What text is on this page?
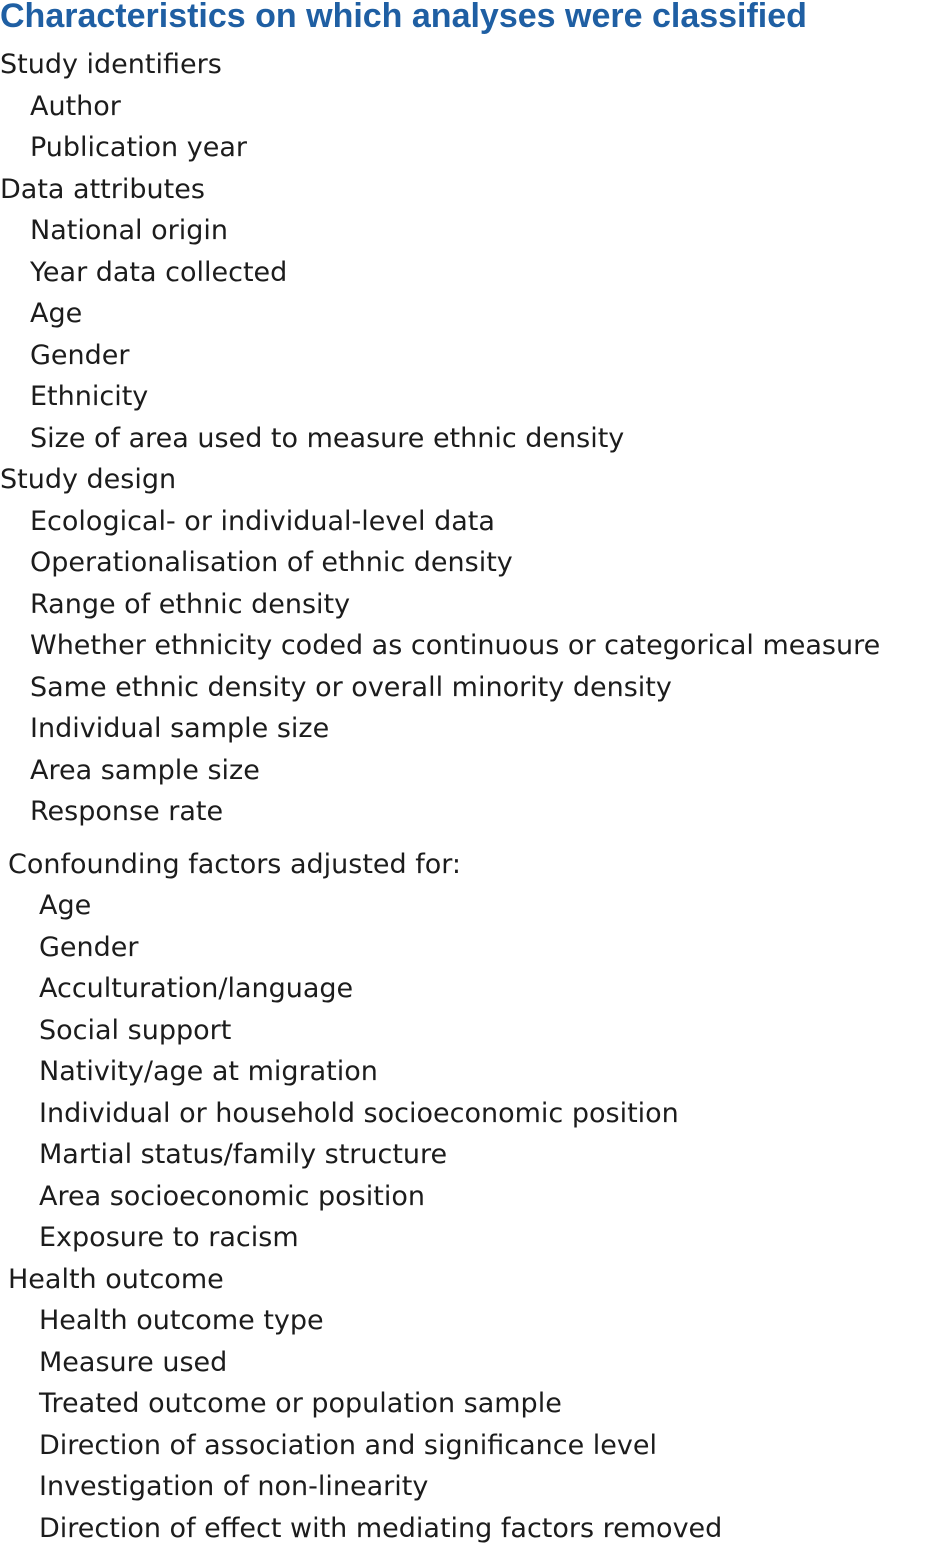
Characteristics on which analyses were classified
Study identifiers
Author
Publication year
Data attributes
National origin
Year data collected
Age
Gender
Ethnicity
Size of area used to measure ethnic density
Study design
Ecological- or individual-level data
Operationalisation of ethnic density
Range of ethnic density
Whether ethnicity coded as continuous or categorical measure
Same ethnic density or overall minority density
Individual sample size
Area sample size
Response rate
Confounding factors adjusted for:
Age
Gender
Acculturation/language
Social support
Nativity/age at migration
Individual or household socioeconomic position
Martial status/family structure
Area socioeconomic position
Exposure to racism
Health outcome
Health outcome type
Measure used
Treated outcome or population sample
Direction of association and significance level
Investigation of non-linearity
Direction of effect with mediating factors removed
